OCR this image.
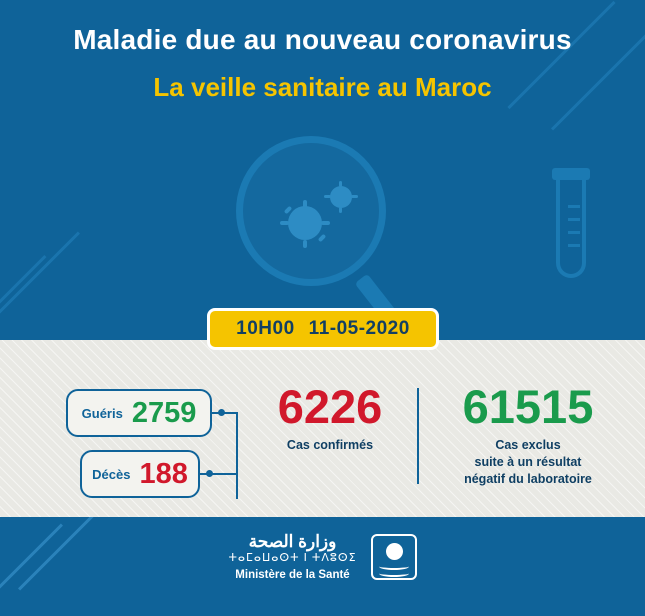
Maladie due au nouveau coronavirus
La veille sanitaire au Maroc
10H00 11-05-2020
Guéris 2759
Décès 188
6226
Cas confirmés
61515
Cas exclus
suite à un résultat
négatif du laboratoire
وزارة الصحة
ⵜⴰⵎⴰⵡⴰⵙⵜ ⵏ ⵜⴷⵓⵙⵉ
Ministère de la Santé
